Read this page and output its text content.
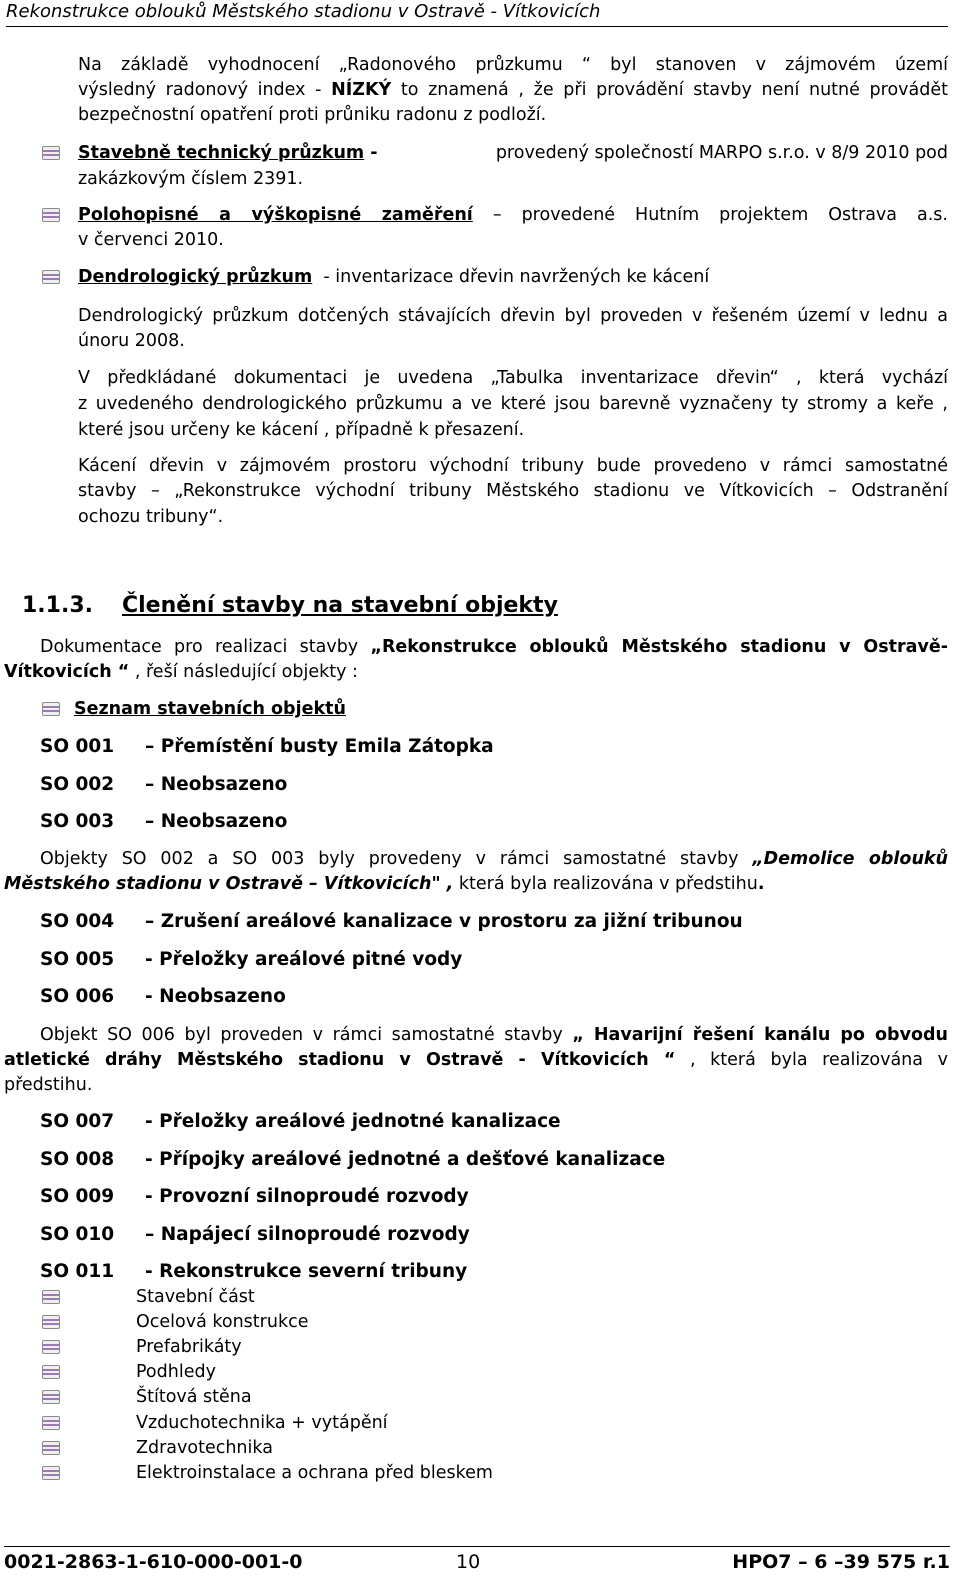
Rekonstrukce oblouků Městského stadionu v Ostravě - Vítkovicích
Na základě vyhodnocení „Radonového průzkumu “ byl stanoven v zájmovém území
výsledný radonový index - NÍZKÝ to znamená , že při provádění stavby není nutné provádět
bezpečnostní opatření proti průniku radonu z podloží.
Stavebně technický průzkum -	provedený společností MARPO s.r.o. v 8/9 2010 pod
zakázkovým číslem 2391.
Polohopisné a výškopisné zaměření – provedené Hutním projektem Ostrava a.s.
v červenci 2010.
Dendrologický průzkum - inventarizace dřevin navržených ke kácení
Dendrologický průzkum dotčených stávajících dřevin byl proveden v řešeném území v lednu a
únoru 2008.
V předkládané dokumentaci je uvedena „Tabulka inventarizace dřevin“ , která vychází
z uvedeného dendrologického průzkumu a ve které jsou barevně vyznačeny ty stromy a keře ,
které jsou určeny ke kácení , případně k přesazení.
Kácení dřevin v zájmovém prostoru východní tribuny bude provedeno v rámci samostatné
stavby – „Rekonstrukce východní tribuny Městského stadionu ve Vítkovicích – Odstranění
ochozu tribuny“.
1.1.3. Členění stavby na stavební objekty
Dokumentace pro realizaci stavby „Rekonstrukce oblouků Městského stadionu v Ostravě-
Vítkovicích “ , řeší následující objekty :
Seznam stavebních objektů
SO 001 – Přemístění busty Emila Zátopka
SO 002 – Neobsazeno
SO 003 – Neobsazeno
Objekty SO 002 a SO 003 byly provedeny v rámci samostatné stavby „Demolice oblouků
Městského stadionu v Ostravě – Vítkovicích" , která byla realizována v předstihu.
SO 004 – Zrušení areálové kanalizace v prostoru za jižní tribunou
SO 005 - Přeložky areálové pitné vody
SO 006 - Neobsazeno
Objekt SO 006 byl proveden v rámci samostatné stavby „ Havarijní řešení kanálu po obvodu
atletické dráhy Městského stadionu v Ostravě - Vítkovicích “ , která byla realizována v
předstihu.
SO 007 - Přeložky areálové jednotné kanalizace
SO 008 - Přípojky areálové jednotné a dešťové kanalizace
SO 009 - Provozní silnoproudé rozvody
SO 010 – Napájecí silnoproudé rozvody
SO 011 - Rekonstrukce severní tribuny
Stavební část
Ocelová konstrukce
Prefabrikáty
Podhledy
Štítová stěna
Vzduchotechnika + vytápění
Zdravotechnika
Elektroinstalace a ochrana před bleskem
0021-2863-1-610-000-001-0	10	HPO7 – 6 –39 575 r.1
